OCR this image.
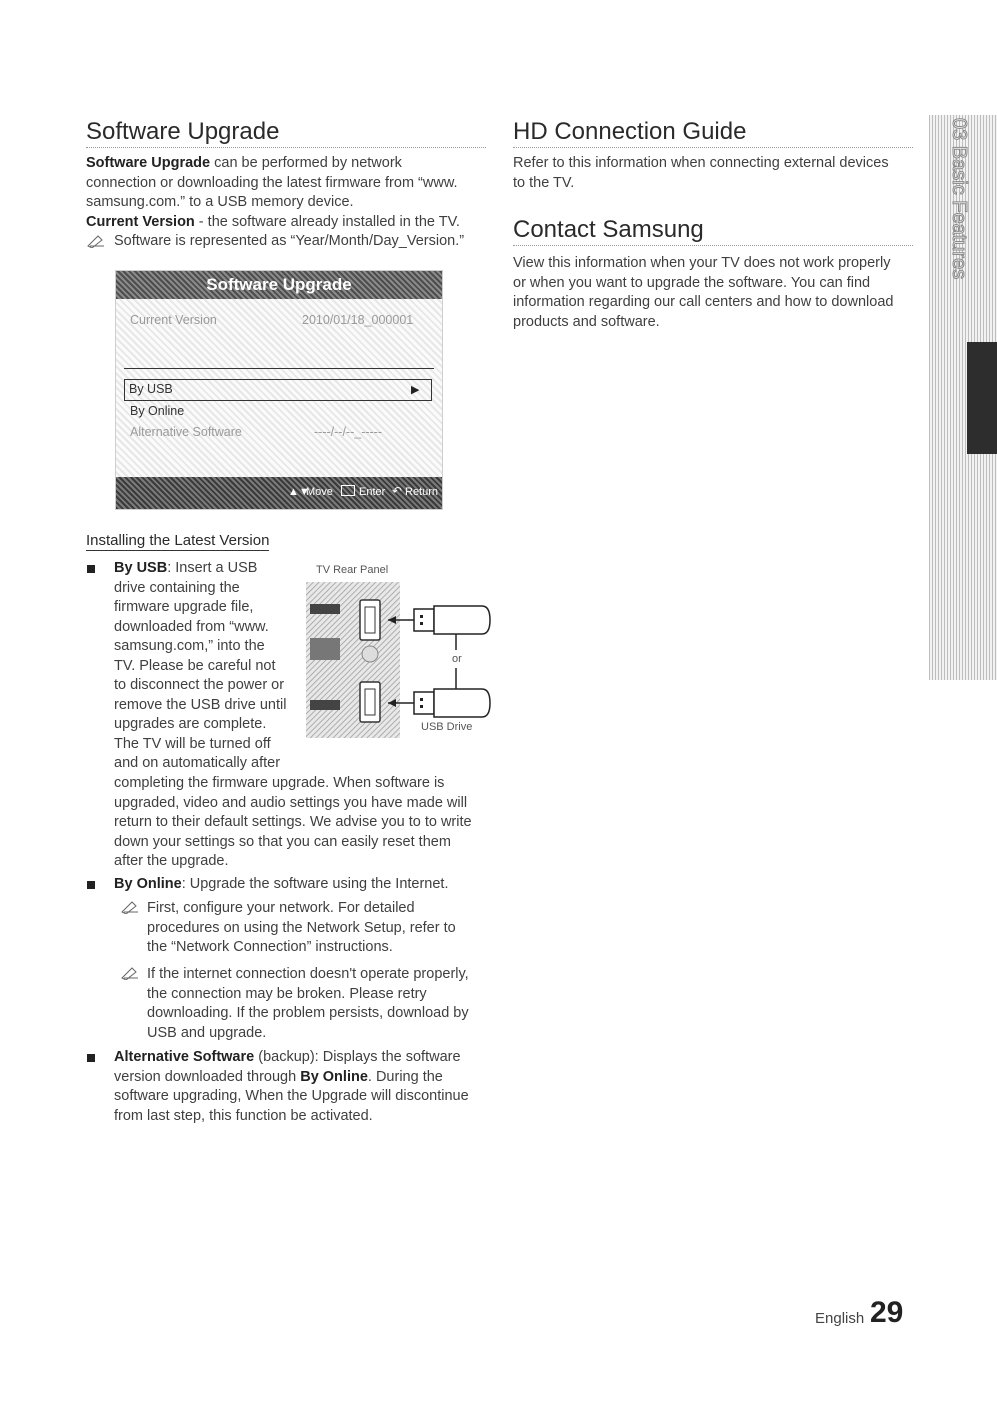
Software Upgrade
Software Upgrade can be performed by network
connection or downloading the latest firmware from “www.
samsung.com.” to a USB memory device.
Current Version - the software already installed in the TV.
Software is represented as “Year/Month/Day_Version.”
Software Upgrade
Current Version	2010/01/18_000001
By USB	▶
By Online
Alternative Software	----/--/--_-----
▲▼
Move Enter ↶ Return
Installing the Latest Version
By USB: Insert a USB
drive containing the
firmware upgrade file,
downloaded from “www.
samsung.com,” into the
TV. Please be careful not
to disconnect the power or
remove the USB drive until
upgrades are complete.
The TV will be turned off
and on automatically after
completing the firmware upgrade. When software is
upgraded, video and audio settings you have made will
return to their default settings. We advise you to to write
down your settings so that you can easily reset them
after the upgrade.
TV Rear Panel
or
USB Drive
By Online: Upgrade the software using the Internet.
First, configure your network. For detailed
procedures on using the Network Setup, refer to
the “Network Connection” instructions.
If the internet connection doesn't operate properly,
the connection may be broken. Please retry
downloading. If the problem persists, download by
USB and upgrade.
Alternative Software (backup): Displays the software
version downloaded through By Online. During the
software upgrading, When the Upgrade will discontinue
from last step, this function be activated.
HD Connection Guide
Refer to this information when connecting external devices
to the TV.
Contact Samsung
View this information when your TV does not work properly
or when you want to upgrade the software. You can find
information regarding our call centers and how to download
products and software.
03 Basic Features
English 29
